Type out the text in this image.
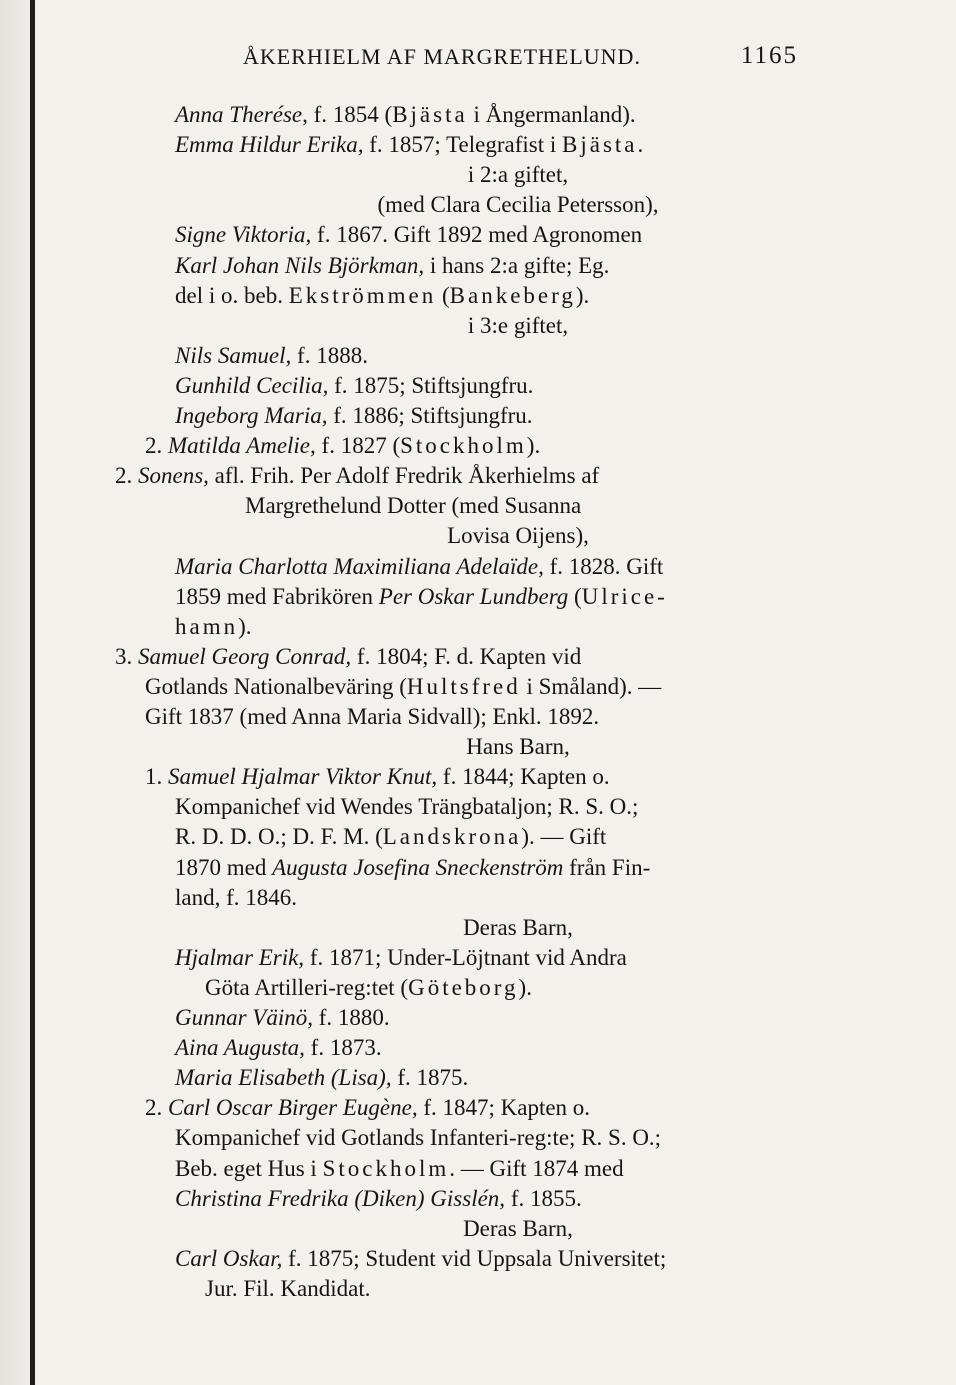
ÅKERHIELM AF MARGRETHELUND.	1165
Anna Therése, f. 1854 (Bjästa i Ångermanland).
Emma Hildur Erika, f. 1857; Telegrafist i Bjästa.
i 2:a giftet,
(med Clara Cecilia Petersson),
Signe Viktoria, f. 1867. Gift 1892 med Agronomen
Karl Johan Nils Björkman, i hans 2:a gifte; Eg.
del i o. beb. Ekströmmen (Bankeberg).
i 3:e giftet,
Nils Samuel, f. 1888.
Gunhild Cecilia, f. 1875; Stiftsjungfru.
Ingeborg Maria, f. 1886; Stiftsjungfru.
2. Matilda Amelie, f. 1827 (Stockholm).
2. Sonens, afl. Frih. Per Adolf Fredrik Åkerhielms af
Margrethelund Dotter (med Susanna
Lovisa Oijens),
Maria Charlotta Maximiliana Adelaïde, f. 1828. Gift
1859 med Fabrikören Per Oskar Lundberg (Ulrice-
hamn).
3. Samuel Georg Conrad, f. 1804; F. d. Kapten vid
Gotlands Nationalbeväring (Hultsfred i Småland). —
Gift 1837 (med Anna Maria Sidvall); Enkl. 1892.
Hans Barn,
1. Samuel Hjalmar Viktor Knut, f. 1844; Kapten o.
Kompanichef vid Wendes Trängbataljon; R. S. O.;
R. D. D. O.; D. F. M. (Landskrona). — Gift
1870 med Augusta Josefina Sneckenström från Fin-
land, f. 1846.
Deras Barn,
Hjalmar Erik, f. 1871; Under-Löjtnant vid Andra
Göta Artilleri-reg:tet (Göteborg).
Gunnar Väinö, f. 1880.
Aina Augusta, f. 1873.
Maria Elisabeth (Lisa), f. 1875.
2. Carl Oscar Birger Eugène, f. 1847; Kapten o.
Kompanichef vid Gotlands Infanteri-reg:te; R. S. O.;
Beb. eget Hus i Stockholm. — Gift 1874 med
Christina Fredrika (Diken) Gisslén, f. 1855.
Deras Barn,
Carl Oskar, f. 1875; Student vid Uppsala Universitet;
Jur. Fil. Kandidat.
